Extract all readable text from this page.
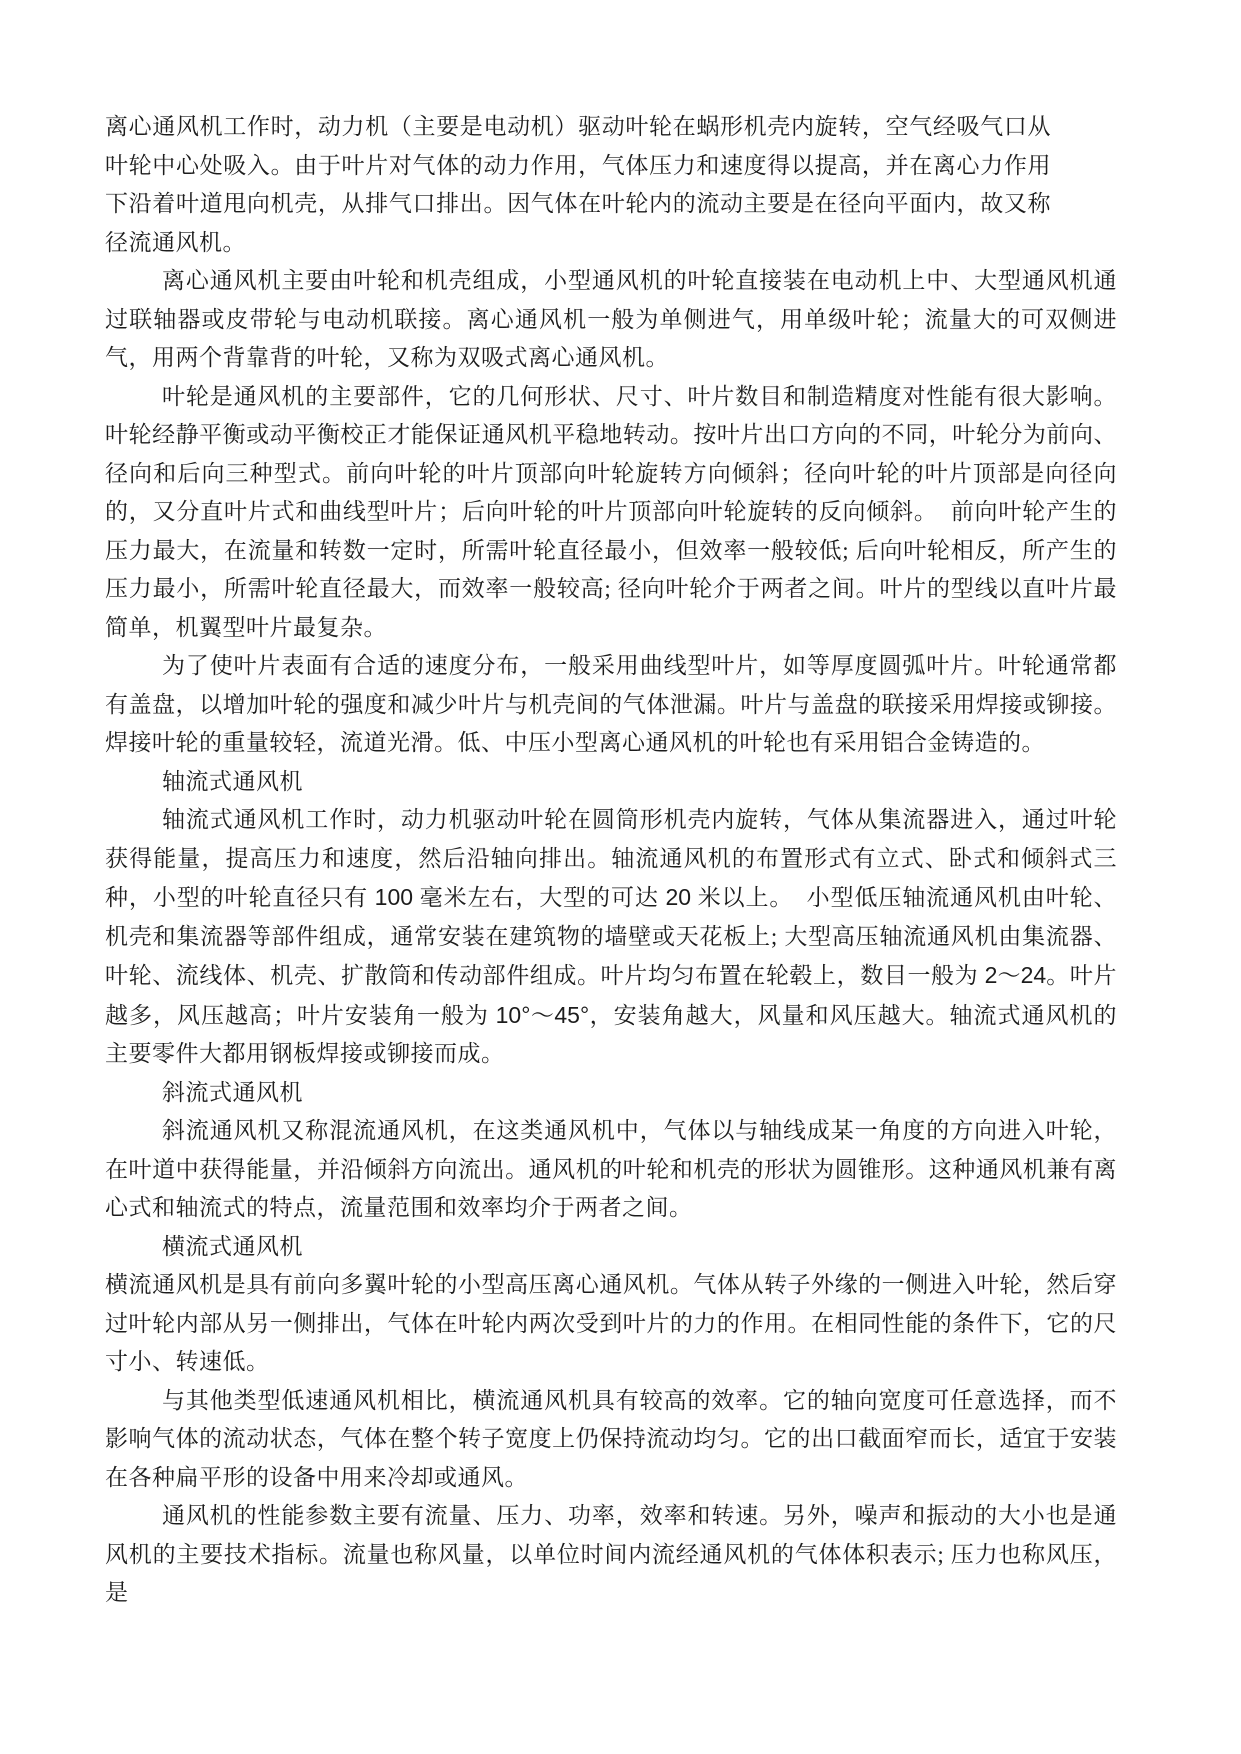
离心通风机工作时，动力机（主要是电动机）驱动叶轮在蜗形机壳内旋转，空气经吸气口从叶轮中心处吸入。由于叶片对气体的动力作用，气体压力和速度得以提高，并在离心力作用下沿着叶道甩向机壳，从排气口排出。因气体在叶轮内的流动主要是在径向平面内，故又称径流通风机。

离心通风机主要由叶轮和机壳组成，小型通风机的叶轮直接装在电动机上中、大型通风机通过联轴器或皮带轮与电动机联接。离心通风机一般为单侧进气，用单级叶轮；流量大的可双侧进气，用两个背靠背的叶轮，又称为双吸式离心通风机。

叶轮是通风机的主要部件，它的几何形状、尺寸、叶片数目和制造精度对性能有很大影响。叶轮经静平衡或动平衡校正才能保证通风机平稳地转动。按叶片出口方向的不同，叶轮分为前向、径向和后向三种型式。前向叶轮的叶片顶部向叶轮旋转方向倾斜；径向叶轮的叶片顶部是向径向的，又分直叶片式和曲线型叶片；后向叶轮的叶片顶部向叶轮旋转的反向倾斜。  前向叶轮产生的压力最大，在流量和转数一定时，所需叶轮直径最小，但效率一般较低; 后向叶轮相反，所产生的压力最小，所需叶轮直径最大，而效率一般较高; 径向叶轮介于两者之间。叶片的型线以直叶片最简单，机翼型叶片最复杂。

为了使叶片表面有合适的速度分布，一般采用曲线型叶片，如等厚度圆弧叶片。叶轮通常都有盖盘，以增加叶轮的强度和减少叶片与机壳间的气体泄漏。叶片与盖盘的联接采用焊接或铆接。焊接叶轮的重量较轻，流道光滑。低、中压小型离心通风机的叶轮也有采用铝合金铸造的。

轴流式通风机

轴流式通风机工作时，动力机驱动叶轮在圆筒形机壳内旋转，气体从集流器进入，通过叶轮获得能量，提高压力和速度，然后沿轴向排出。轴流通风机的布置形式有立式、卧式和倾斜式三种，小型的叶轮直径只有 100 毫米左右，大型的可达 20 米以上。  小型低压轴流通风机由叶轮、机壳和集流器等部件组成，通常安装在建筑物的墙壁或天花板上; 大型高压轴流通风机由集流器、叶轮、流线体、机壳、扩散筒和传动部件组成。叶片均匀布置在轮毂上，数目一般为 2～24。叶片越多，风压越高；叶片安装角一般为 10°～45°，安装角越大，风量和风压越大。轴流式通风机的主要零件大都用钢板焊接或铆接而成。

斜流式通风机

斜流通风机又称混流通风机，在这类通风机中，气体以与轴线成某一角度的方向进入叶轮，在叶道中获得能量，并沿倾斜方向流出。通风机的叶轮和机壳的形状为圆锥形。这种通风机兼有离心式和轴流式的特点，流量范围和效率均介于两者之间。

横流式通风机

横流通风机是具有前向多翼叶轮的小型高压离心通风机。气体从转子外缘的一侧进入叶轮，然后穿过叶轮内部从另一侧排出，气体在叶轮内两次受到叶片的力的作用。在相同性能的条件下，它的尺寸小、转速低。

与其他类型低速通风机相比，横流通风机具有较高的效率。它的轴向宽度可任意选择，而不影响气体的流动状态，气体在整个转子宽度上仍保持流动均匀。它的出口截面窄而长，适宜于安装在各种扁平形的设备中用来冷却或通风。

通风机的性能参数主要有流量、压力、功率，效率和转速。另外，噪声和振动的大小也是通风机的主要技术指标。流量也称风量，以单位时间内流经通风机的气体体积表示; 压力也称风压，是
